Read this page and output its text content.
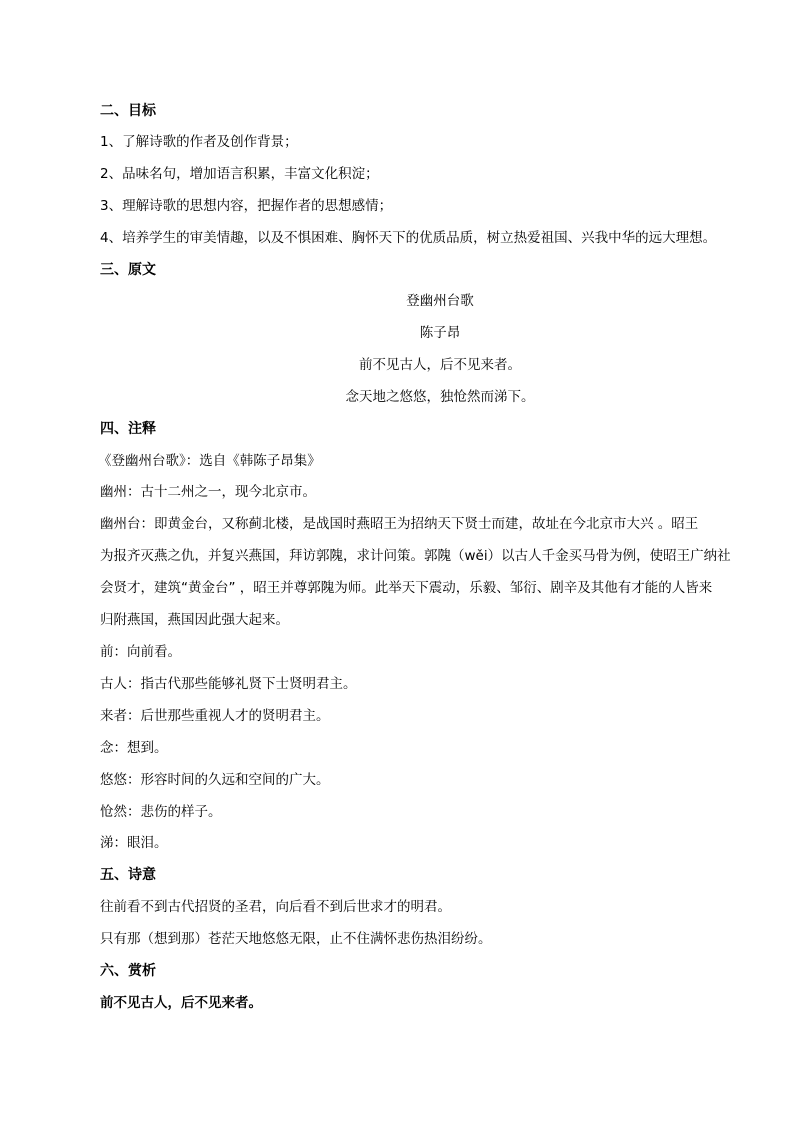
二、目标
1、了解诗歌的作者及创作背景；
2、品味名句，增加语言积累，丰富文化积淀；
3、理解诗歌的思想内容，把握作者的思想感情；
4、培养学生的审美情趣，以及不惧困难、胸怀天下的优质品质，树立热爱祖国、兴我中华的远大理想。
三、原文
登幽州台歌
陈子昂
前不见古人，后不见来者。
念天地之悠悠，独怆然而涕下。
四、注释
《登幽州台歌》：选自《韩陈子昂集》
幽州：古十二州之一，现今北京市。
幽州台：即黄金台，又称蓟北楼，是战国时燕昭王为招纳天下贤士而建，故址在今北京市大兴 。昭王
为报齐灭燕之仇，并复兴燕国，拜访郭隗，求计问策。郭隗（wěi）以古人千金买马骨为例，使昭王广纳社
会贤才，建筑“黄金台” ，昭王并尊郭隗为师。此举天下震动，乐毅、邹衍、剧辛及其他有才能的人皆来
归附燕国，燕国因此强大起来。
前：向前看。
古人：指古代那些能够礼贤下士贤明君主。
来者：后世那些重视人才的贤明君主。
念：想到。
悠悠：形容时间的久远和空间的广大。
怆然：悲伤的样子。
涕：眼泪。
五、诗意
往前看不到古代招贤的圣君，向后看不到后世求才的明君。
只有那（想到那）苍茫天地悠悠无限，止不住满怀悲伤热泪纷纷。
六、赏析
前不见古人，后不见来者。
